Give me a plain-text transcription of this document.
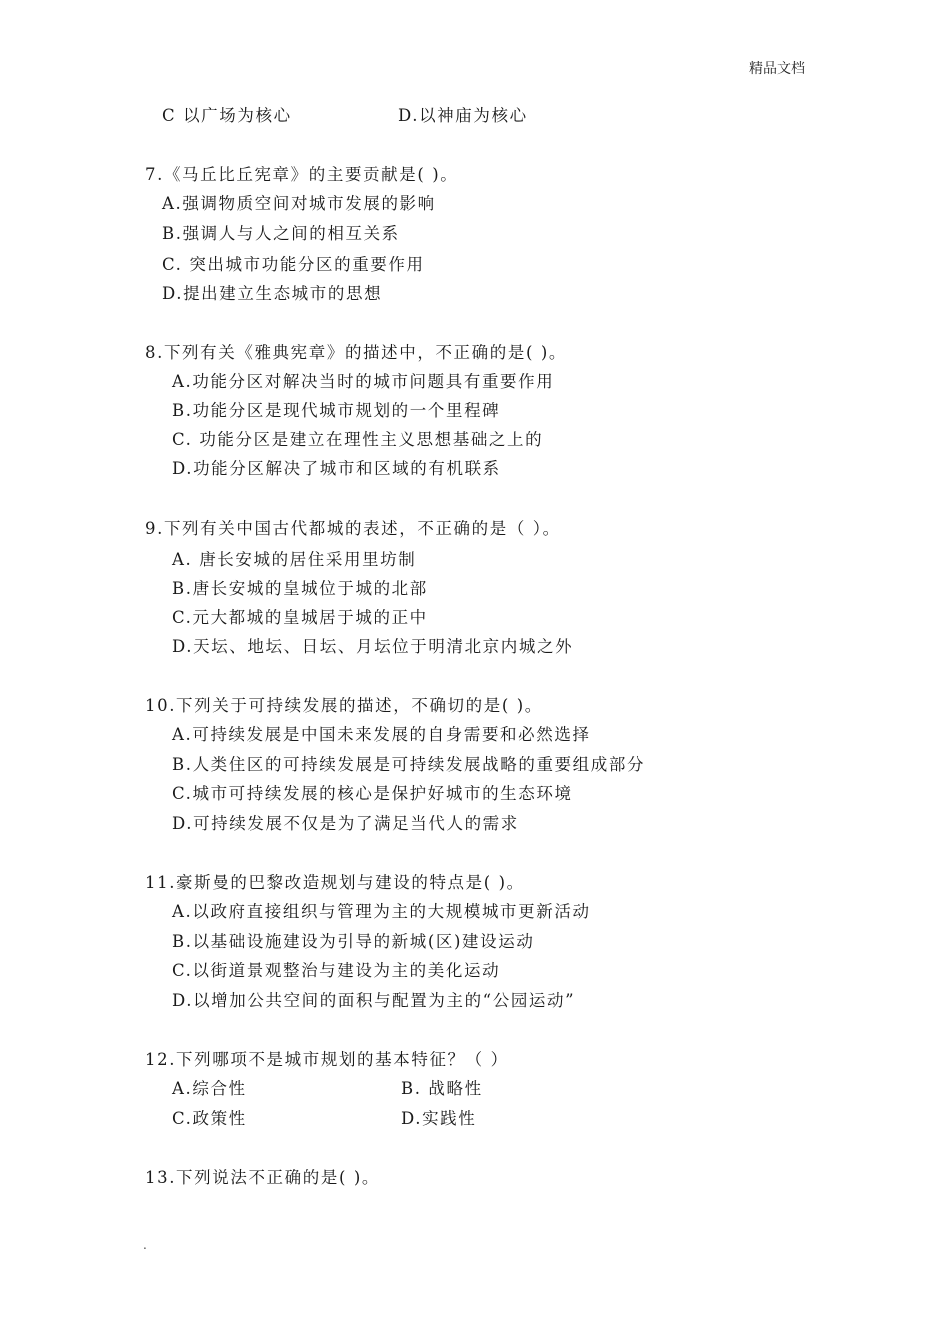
精品文档
C 以广场为核心	D.以神庙为核心
7.《马丘比丘宪章》的主要贡献是( )。
A.强调物质空间对城市发展的影响
B.强调人与人之间的相互关系
C. 突出城市功能分区的重要作用
D.提出建立生态城市的思想
8.下列有关《雅典宪章》的描述中，不正确的是( )。
A.功能分区对解决当时的城市问题具有重要作用
B.功能分区是现代城市规划的一个里程碑
C. 功能分区是建立在理性主义思想基础之上的
D.功能分区解决了城市和区域的有机联系
9.下列有关中国古代都城的表述，不正确的是（ ）。
A. 唐长安城的居住采用里坊制
B.唐长安城的皇城位于城的北部
C.元大都城的皇城居于城的正中
D.天坛、地坛、日坛、月坛位于明清北京内城之外
10.下列关于可持续发展的描述，不确切的是( )。
A.可持续发展是中国未来发展的自身需要和必然选择
B.人类住区的可持续发展是可持续发展战略的重要组成部分
C.城市可持续发展的核心是保护好城市的生态环境
D.可持续发展不仅是为了满足当代人的需求
11.豪斯曼的巴黎改造规划与建设的特点是( )。
A.以政府直接组织与管理为主的大规模城市更新活动
B.以基础设施建设为引导的新城(区)建设运动
C.以街道景观整治与建设为主的美化运动
D.以增加公共空间的面积与配置为主的“公园运动”
12.下列哪项不是城市规划的基本特征？（ ）
A.综合性	B. 战略性
C.政策性	D.实践性
13.下列说法不正确的是( )。
.
